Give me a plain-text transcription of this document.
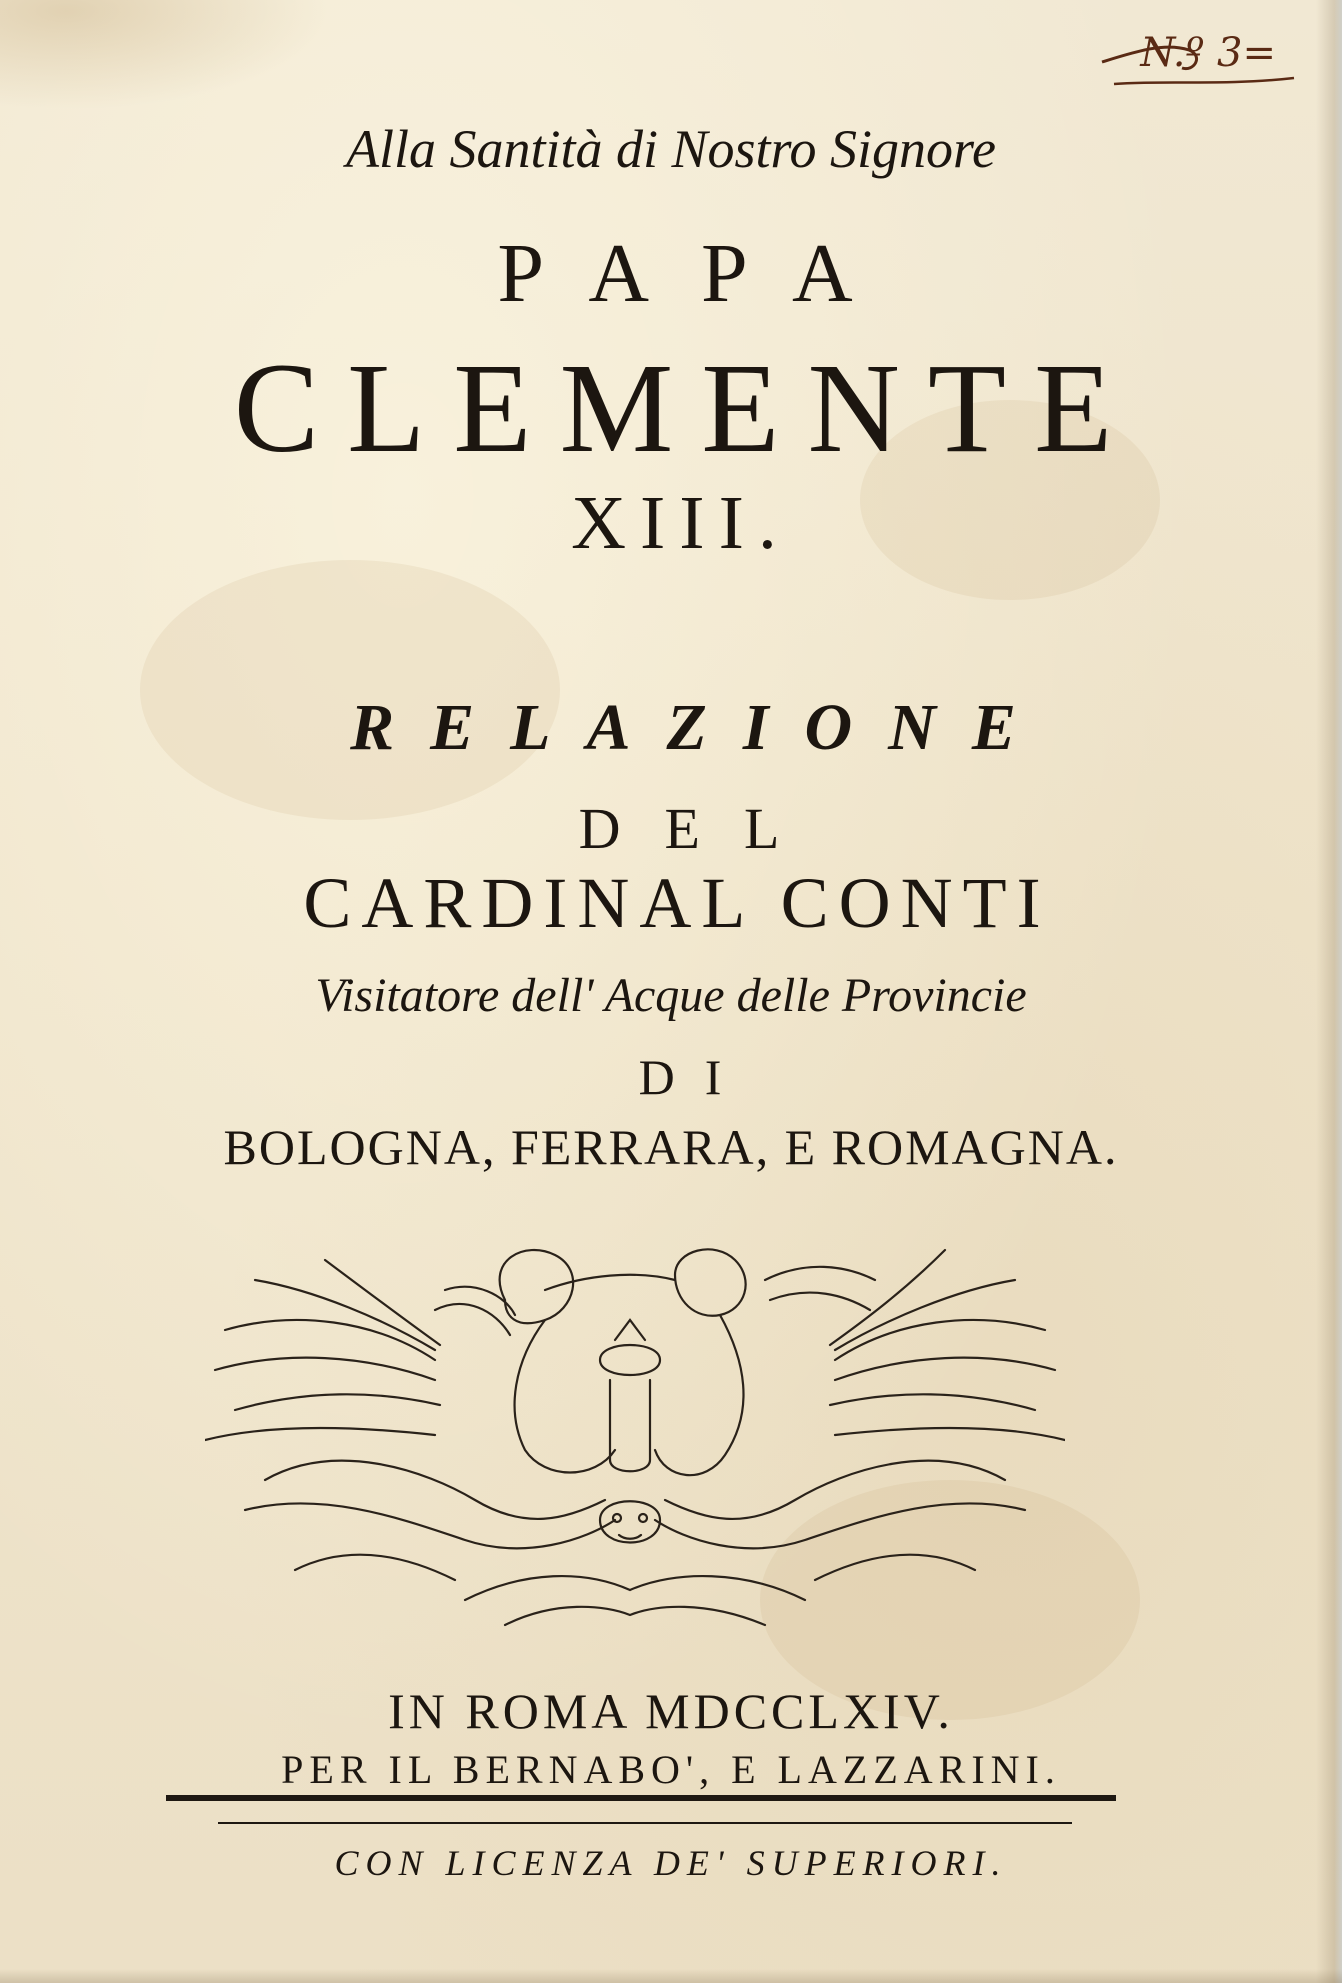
N.º 3=
Alla Santità di Nostro Signore
PAPA
CLEMENTE
XIII.
RELAZIONE
DEL
CARDINAL CONTI
Visitatore dell' Acque delle Provincie
DI
BOLOGNA, FERRARA, E ROMAGNA.
IN ROMA MDCCLXIV.
PER IL BERNABO', E LAZZARINI.
CON LICENZA DE' SUPERIORI.
